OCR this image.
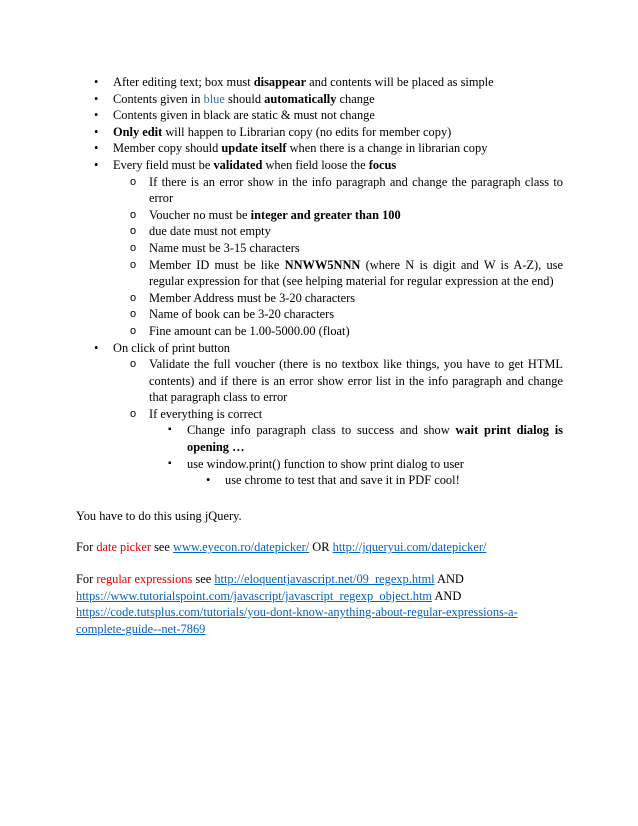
• After editing text; box must disappear and contents will be placed as simple
• Contents given in blue should automatically change
• Contents given in black are static & must not change
• Only edit will happen to Librarian copy (no edits for member copy)
• Member copy should update itself when there is a change in librarian copy
• Every field must be validated when field loose the focus
o If there is an error show in the info paragraph and change the paragraph class to error
o Voucher no must be integer and greater than 100
o due date must not empty
o Name must be 3-15 characters
o Member ID must be like NNWW5NNN (where N is digit and W is A-Z), use regular expression for that (see helping material for regular expression at the end)
o Member Address must be 3-20 characters
o Name of book can be 3-20 characters
o Fine amount can be 1.00-5000.00 (float)
• On click of print button
o Validate the full voucher (there is no textbox like things, you have to get HTML contents) and if there is an error show error list in the info paragraph and change that paragraph class to error
o If everything is correct
▪ Change info paragraph class to success and show wait print dialog is opening …
▪ use window.print() function to show print dialog to user
• use chrome to test that and save it in PDF cool!
You have to do this using jQuery.
For date picker see www.eyecon.ro/datepicker/ OR http://jqueryui.com/datepicker/
For regular expressions see http://eloquentjavascript.net/09_regexp.html AND https://www.tutorialspoint.com/javascript/javascript_regexp_object.htm AND
https://code.tutsplus.com/tutorials/you-dont-know-anything-about-regular-expressions-a-complete-guide--net-7869
